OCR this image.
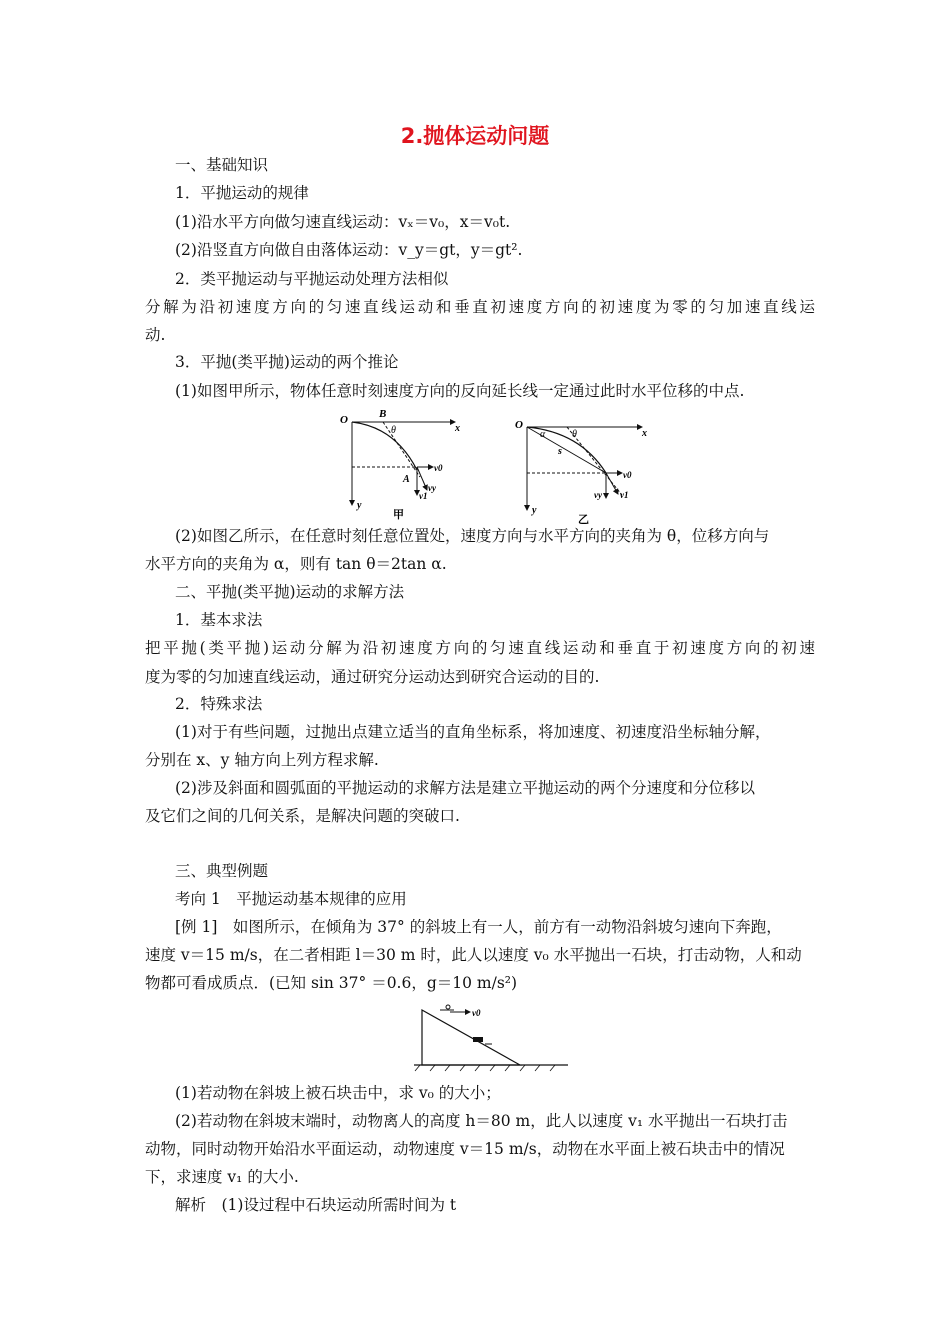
2.抛体运动问题
一、基础知识
1．平抛运动的规律
(1)沿水平方向做匀速直线运动：vₓ＝v₀，x＝v₀t.
(2)沿竖直方向做自由落体运动：v_y＝gt，y＝gt².
2．类平抛运动与平抛运动处理方法相似
分解为沿初速度方向的匀速直线运动和垂直初速度方向的初速度为零的匀加速直线运
动.
3．平抛(类平抛)运动的两个推论
(1)如图甲所示，物体任意时刻速度方向的反向延长线一定通过此时水平位移的中点.
O	B
θ	x
y
A
v0
v1
vy
甲
O
α	θ
s
x
y
v0
vy v1
乙
(2)如图乙所示，在任意时刻任意位置处，速度方向与水平方向的夹角为 θ，位移方向与
水平方向的夹角为 α，则有 tan θ＝2tan α.
二、平抛(类平抛)运动的求解方法
1．基本求法
把平抛(类平抛)运动分解为沿初速度方向的匀速直线运动和垂直于初速度方向的初速
度为零的匀加速直线运动，通过研究分运动达到研究合运动的目的.
2．特殊求法
(1)对于有些问题，过抛出点建立适当的直角坐标系，将加速度、初速度沿坐标轴分解，
分别在 x、y 轴方向上列方程求解.
(2)涉及斜面和圆弧面的平抛运动的求解方法是建立平抛运动的两个分速度和分位移以
及它们之间的几何关系，是解决问题的突破口.
三、典型例题
考向 1　平抛运动基本规律的应用
[例 1]　如图所示，在倾角为 37° 的斜坡上有一人，前方有一动物沿斜坡匀速向下奔跑，
速度 v＝15 m/s，在二者相距 l＝30 m 时，此人以速度 v₀ 水平抛出一石块，打击动物，人和动
物都可看成质点．(已知 sin 37° ＝0.6，g＝10 m/s²)
v0
(1)若动物在斜坡上被石块击中，求 v₀ 的大小；
(2)若动物在斜坡末端时，动物离人的高度 h＝80 m，此人以速度 v₁ 水平抛出一石块打击
动物，同时动物开始沿水平面运动，动物速度 v＝15 m/s，动物在水平面上被石块击中的情况
下，求速度 v₁ 的大小.
解析　(1)设过程中石块运动所需时间为 t
